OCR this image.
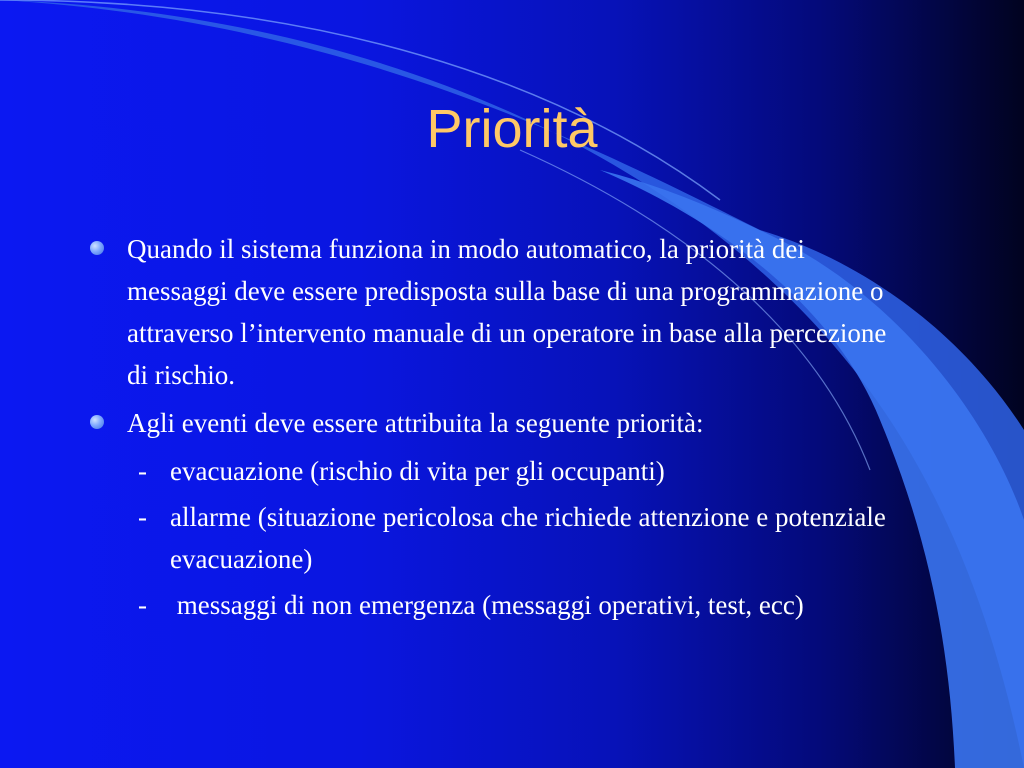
Priorità
Quando il sistema funziona in modo automatico, la priorità dei messaggi deve essere predisposta sulla base di una programmazione o attraverso l’intervento manuale di un operatore in base alla percezione di rischio.
Agli eventi deve essere attribuita la seguente priorità:
- evacuazione (rischio di vita per gli occupanti)
- allarme (situazione pericolosa che richiede attenzione e potenziale evacuazione)
- messaggi di non emergenza (messaggi operativi, test, ecc)
